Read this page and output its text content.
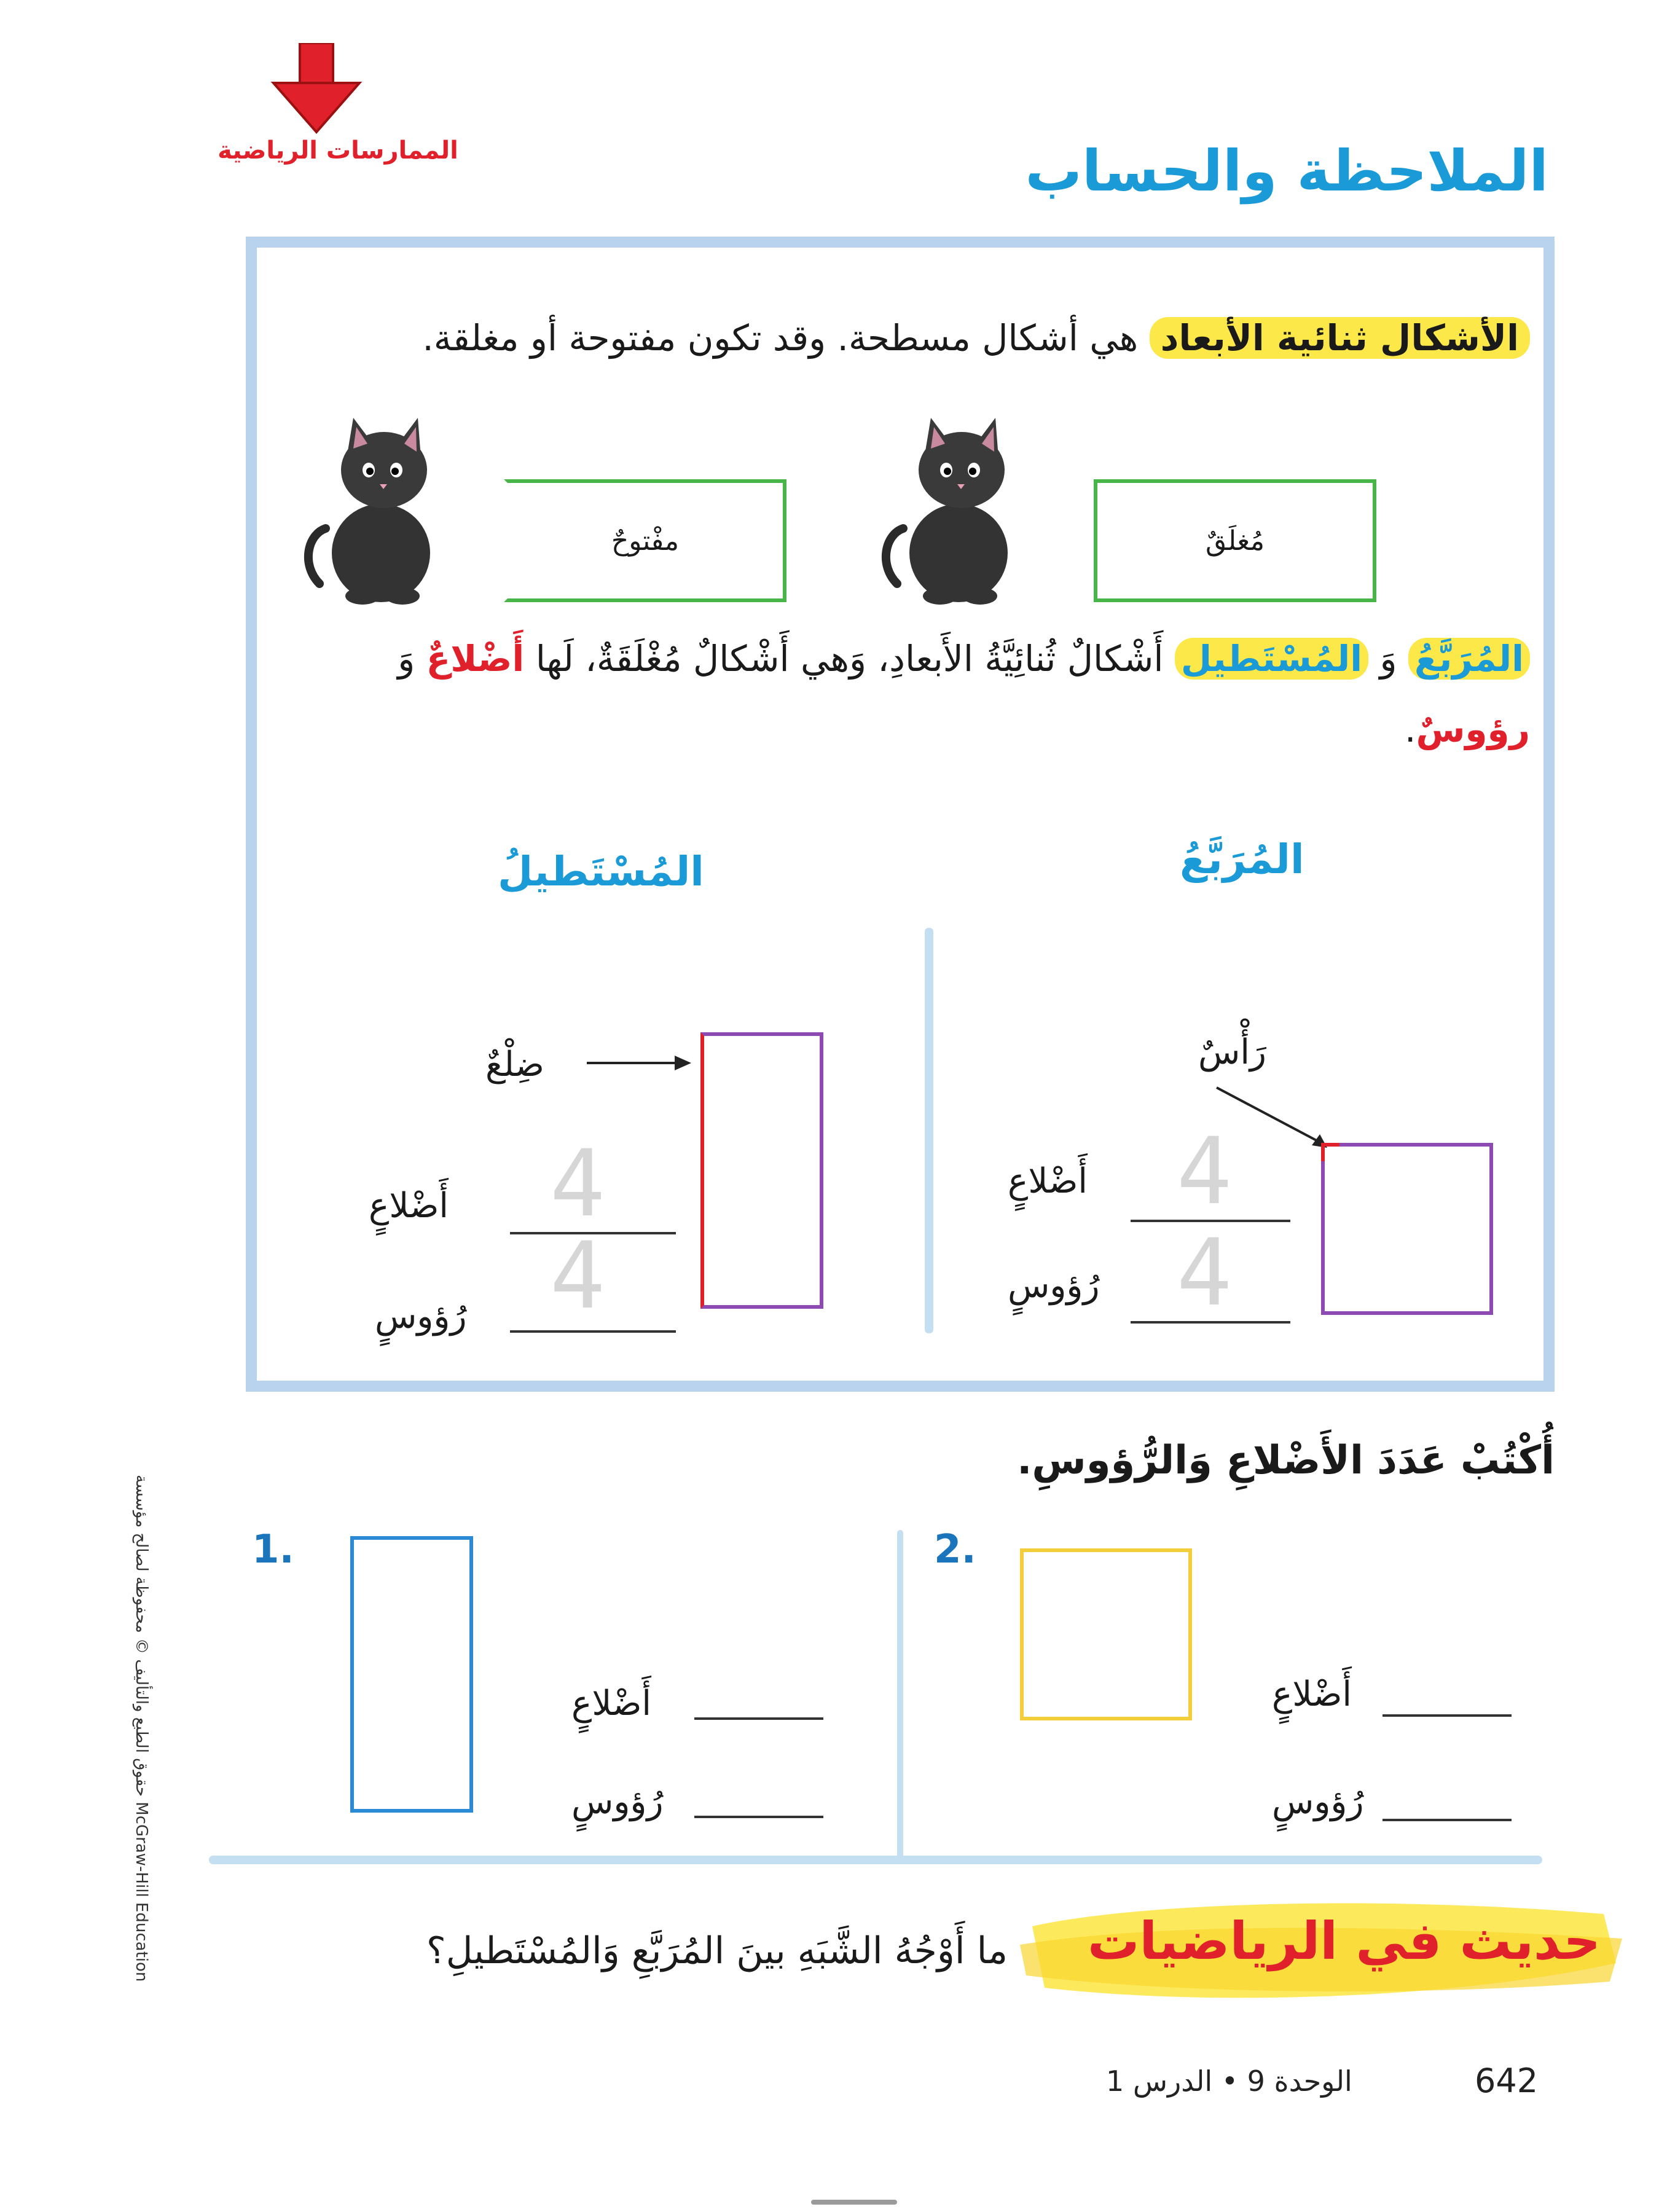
الممارسات الرياضية	الملاحظة والحساب
الأشكال ثنائية الأبعاد هي أشكال مسطحة. وقد تكون مفتوحة أو مغلقة.
مُغلَقٌ
مفْتوحٌ
المُرَبَّعُ وَ المُسْتَطيل أَشْكالٌ ثُنائِيَّةُ الأَبعادِ، وَهي أَشْكالٌ مُغْلَقَةٌ، لَها أَضْلاعٌ وَ رؤوسٌ.
المُرَبَّعُ
المُسْتَطيلُ
رَأْسٌ
4
4
أَضْلاعٍ
رُؤوسٍ
ضِلْعٌ
4
4
أَضْلاعٍ
رُؤوسٍ
أُكْتُبْ عَدَدَ الأَضْلاعِ وَالرُّؤوسِ.
1.	2.
أَضْلاعٍ
رُؤوسٍ
أَضْلاعٍ
رُؤوسٍ
حديث في الرياضيات
ما أَوْجُهُ الشَّبَهِ بينَ المُرَبَّعِ وَالمُسْتَطيلِ؟
حقوق الطبع والتأليف © محفوظة لصالح مؤسسة McGraw-Hill Education
642
الوحدة 9 • الدرس 1
